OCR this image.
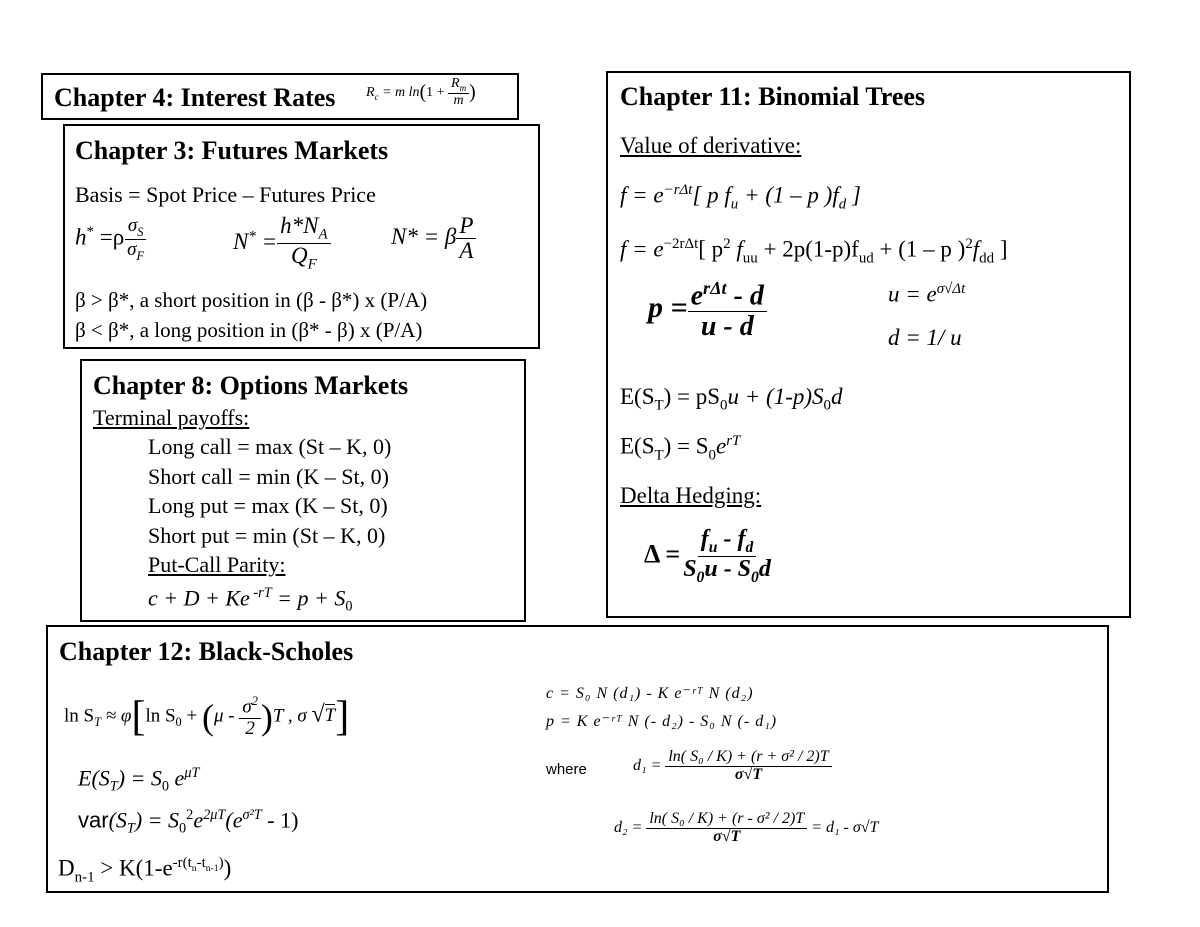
Chapter 4: Interest Rates $R_c = m$ $\ln(1 + \frac{R_m}{m}$ )
Chapter 3: Futures Markets
Basis = Spot Price – Futures Price
$h^* =\rho \frac{\sigma_S}{\sigma_F}$	$N^* = \frac{h*N_A}{Q_F}$	N* = β $\frac{P}{A}$
β > β*, a short position in (β - β*) x (P/A)
β < β*, a long position in (β* - β) x (P/A)
Chapter 8: Options Markets
Terminal payoffs:
Long call = max (St – K, 0)
Short call = min (K – St, 0)
Long put = max (K – St, 0)
Short put = min (St – K, 0)
Put-Call Parity:
c + D + Ke $^{-rT} = p + S_0$
Chapter 11: Binomial Trees
Value of derivative:
$f = e^{-r\Delta t}$[ p $f_u + (1 - p$ )$f_d$ ]
$f = e^{-2r\Delta t}$[ $p^2$ $f_{uu} + 2p(1-p)f_{ud} + (1 - p$ )$^2f_{dd}$ ]
$p = \frac{e^{r\Delta t} - d}{u - d}$	$u = e^{\sigma√\Delta t}$
d = 1/ u
$E(S_T) = pS_0u + (1-p)S_0d$
$E(S_T) = S_0e^{rT}$
Delta Hedging:
$\Delta = \frac{f_u - f_d}{S_0u - S_0d}$
Chapter 12: Black-Scholes
$\ln S_T \approx \varphi[\ln$ $S_0 + (\mu - \frac{\sigma^2}{2} )T$ , σ √T]
$E(S_T) = S_0$ $e^{\mu T}$
$var(S_T) = S_0^2e^{2\mu T}(e^{\sigma^2T} - 1)$
$D_{n-1} > K(1-e^{-r(t_n-t_{n-1})})$
c = S₀ N (d₁) - K e⁻ʳᵀ N (d₂)
p = K e⁻ʳᵀ N (- d₂) - S₀ N (- d₁)
where	$d_1 = \frac{\text{ln( S₀ / K) + (r + σ² / 2)T}}{\sigma√T}$
$d_2 = \frac{\text{ln( S₀ / K) + (r - σ² / 2)T}}{\sigma√T} = d_1 - \sigma√T$
